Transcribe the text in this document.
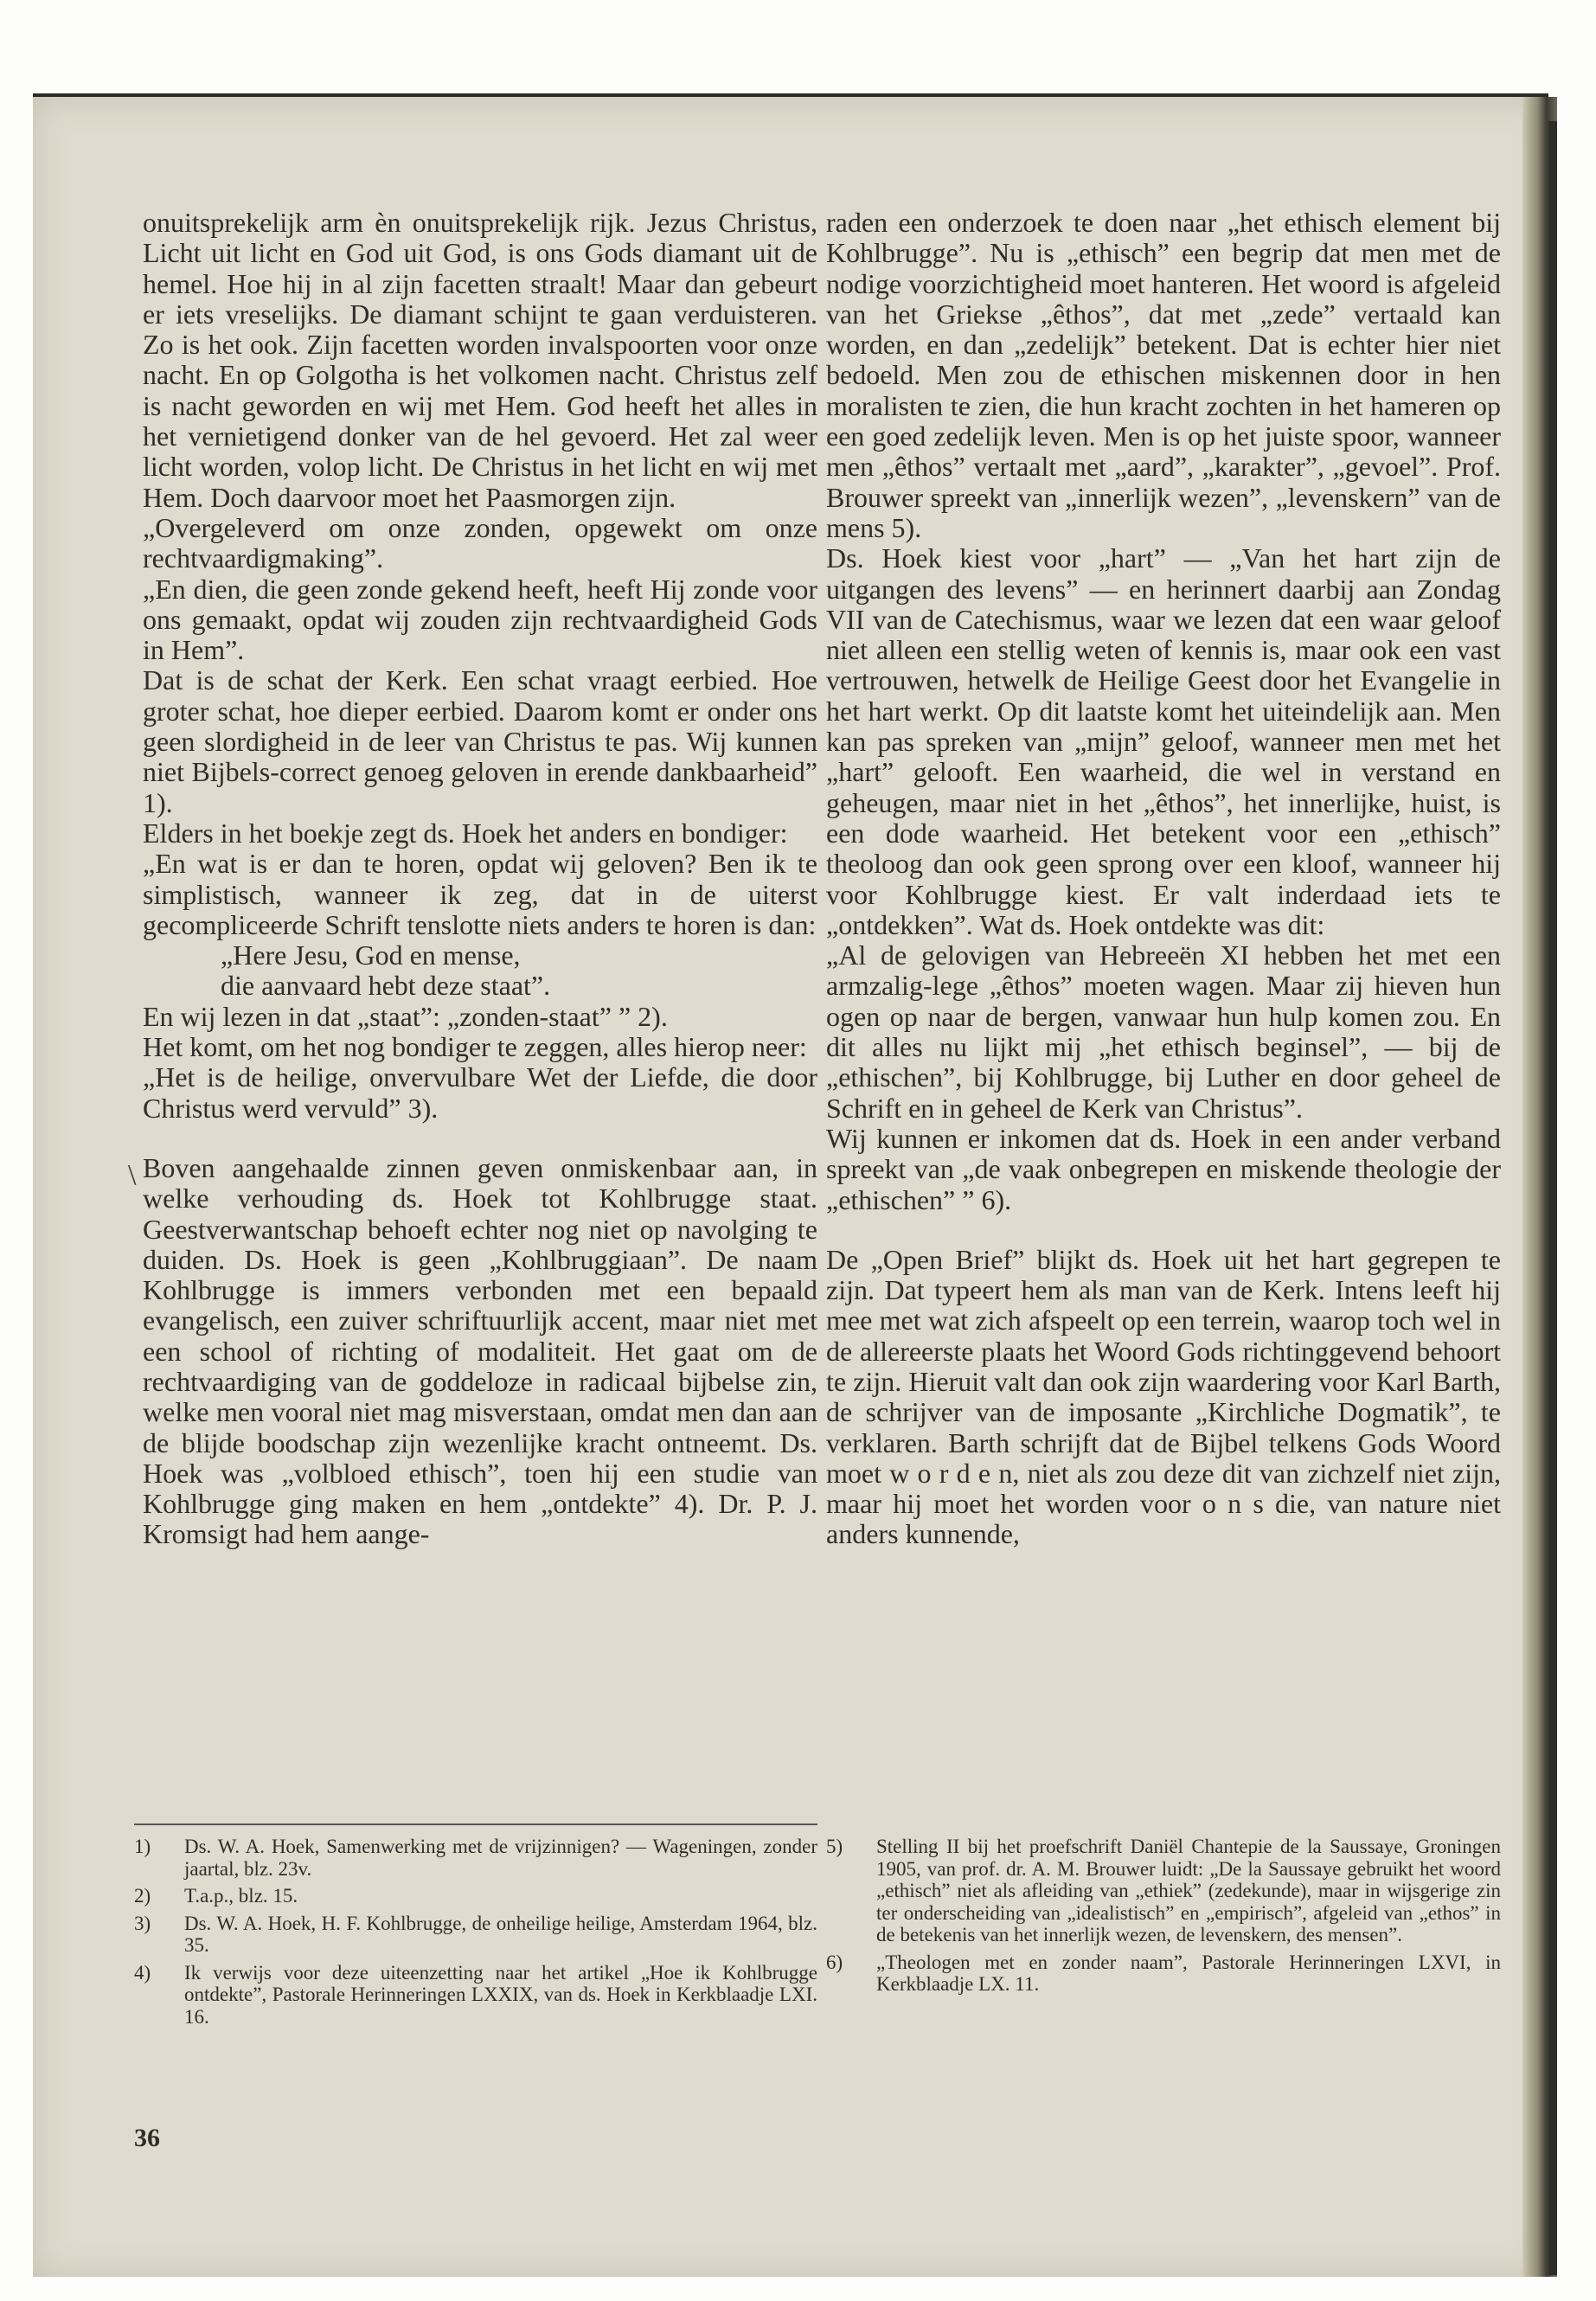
onuitsprekelijk arm èn onuitsprekelijk rijk. Jezus Christus, Licht uit licht en God uit God, is ons Gods diamant uit de hemel. Hoe hij in al zijn facetten straalt! Maar dan gebeurt er iets vreselijks. De diamant schijnt te gaan verduisteren. Zo is het ook. Zijn facetten worden invalspoorten voor onze nacht. En op Golgotha is het volkomen nacht. Christus zelf is nacht geworden en wij met Hem. God heeft het alles in het vernietigend donker van de hel gevoerd. Het zal weer licht worden, volop licht. De Christus in het licht en wij met Hem. Doch daarvoor moet het Paasmorgen zijn.

„Overgeleverd om onze zonden, opgewekt om onze rechtvaardigmaking”.

„En dien, die geen zonde gekend heeft, heeft Hij zonde voor ons gemaakt, opdat wij zouden zijn rechtvaardigheid Gods in Hem”.

Dat is de schat der Kerk. Een schat vraagt eerbied. Hoe groter schat, hoe dieper eerbied. Daarom komt er onder ons geen slordigheid in de leer van Christus te pas. Wij kunnen niet Bijbels-correct genoeg geloven in erende dankbaarheid” 1).

Elders in het boekje zegt ds. Hoek het anders en bondiger:

„En wat is er dan te horen, opdat wij geloven? Ben ik te simplistisch, wanneer ik zeg, dat in de uiterst gecompliceerde Schrift tenslotte niets anders te horen is dan:

„Here Jesu, God en mense,

die aanvaard hebt deze staat”.

En wij lezen in dat „staat”: „zonden-staat” ” 2).

Het komt, om het nog bondiger te zeggen, alles hierop neer:

„Het is de heilige, onvervulbare Wet der Liefde, die door Christus werd vervuld” 3).

Boven aangehaalde zinnen geven onmiskenbaar aan, in welke verhouding ds. Hoek tot Kohlbrugge staat. Geestverwantschap behoeft echter nog niet op navolging te duiden. Ds. Hoek is geen „Kohlbruggiaan”. De naam Kohlbrugge is immers verbonden met een bepaald evangelisch, een zuiver schriftuurlijk accent, maar niet met een school of richting of modaliteit. Het gaat om de rechtvaardiging van de goddeloze in radicaal bijbelse zin, welke men vooral niet mag misverstaan, omdat men dan aan de blijde boodschap zijn wezenlijke kracht ontneemt. Ds. Hoek was „volbloed ethisch”, toen hij een studie van Kohlbrugge ging maken en hem „ontdekte” 4). Dr. P. J. Kromsigt had hem aange-

\

raden een onderzoek te doen naar „het ethisch element bij Kohlbrugge”. Nu is „ethisch” een begrip dat men met de nodige voorzichtigheid moet hanteren. Het woord is afgeleid van het Griekse „êthos”, dat met „zede” vertaald kan worden, en dan „zedelijk” betekent. Dat is echter hier niet bedoeld. Men zou de ethischen miskennen door in hen moralisten te zien, die hun kracht zochten in het hameren op een goed zedelijk leven. Men is op het juiste spoor, wanneer men „êthos” vertaalt met „aard”, „karakter”, „gevoel”. Prof. Brouwer spreekt van „innerlijk wezen”, „levenskern” van de mens 5).

Ds. Hoek kiest voor „hart” — „Van het hart zijn de uitgangen des levens” — en herinnert daarbij aan Zondag VII van de Catechismus, waar we lezen dat een waar geloof niet alleen een stellig weten of kennis is, maar ook een vast vertrouwen, hetwelk de Heilige Geest door het Evangelie in het hart werkt. Op dit laatste komt het uiteindelijk aan. Men kan pas spreken van „mijn” geloof, wanneer men met het „hart” gelooft. Een waarheid, die wel in verstand en geheugen, maar niet in het „êthos”, het innerlijke, huist, is een dode waarheid. Het betekent voor een „ethisch” theoloog dan ook geen sprong over een kloof, wanneer hij voor Kohlbrugge kiest. Er valt inderdaad iets te „ontdekken”. Wat ds. Hoek ontdekte was dit:

„Al de gelovigen van Hebreeën XI hebben het met een armzalig-lege „êthos” moeten wagen. Maar zij hieven hun ogen op naar de bergen, vanwaar hun hulp komen zou. En dit alles nu lijkt mij „het ethisch beginsel”, — bij de „ethischen”, bij Kohlbrugge, bij Luther en door geheel de Schrift en in geheel de Kerk van Christus”.

Wij kunnen er inkomen dat ds. Hoek in een ander verband spreekt van „de vaak onbegrepen en miskende theologie der „ethischen” ” 6).

De „Open Brief” blijkt ds. Hoek uit het hart gegrepen te zijn. Dat typeert hem als man van de Kerk. Intens leeft hij mee met wat zich afspeelt op een terrein, waarop toch wel in de allereerste plaats het Woord Gods richtinggevend behoort te zijn. Hieruit valt dan ook zijn waardering voor Karl Barth, de schrijver van de imposante „Kirchliche Dogmatik”, te verklaren. Barth schrijft dat de Bijbel telkens Gods Woord moet w o r d e n, niet als zou deze dit van zichzelf niet zijn, maar hij moet het worden voor o n s die, van nature niet anders kunnende,

1)	Ds. W. A. Hoek, Samenwerking met de vrijzinnigen? — Wageningen, zonder jaartal, blz. 23v.
2)	T.a.p., blz. 15.
3)	Ds. W. A. Hoek, H. F. Kohlbrugge, de onheilige heilige, Amsterdam 1964, blz. 35.
4)	Ik verwijs voor deze uiteenzetting naar het artikel „Hoe ik Kohlbrugge ontdekte”, Pastorale Herinneringen LXXIX, van ds. Hoek in Kerkblaadje LXI. 16.
5)	Stelling II bij het proefschrift Daniël Chantepie de la Saussaye, Groningen 1905, van prof. dr. A. M. Brouwer luidt: „De la Saussaye gebruikt het woord „ethisch” niet als afleiding van „ethiek” (zedekunde), maar in wijsgerige zin ter onderscheiding van „idealistisch” en „empirisch”, afgeleid van „ethos” in de betekenis van het innerlijk wezen, de levenskern, des mensen”.
6)	„Theologen met en zonder naam”, Pastorale Herinneringen LXVI, in Kerkblaadje LX. 11.
36
